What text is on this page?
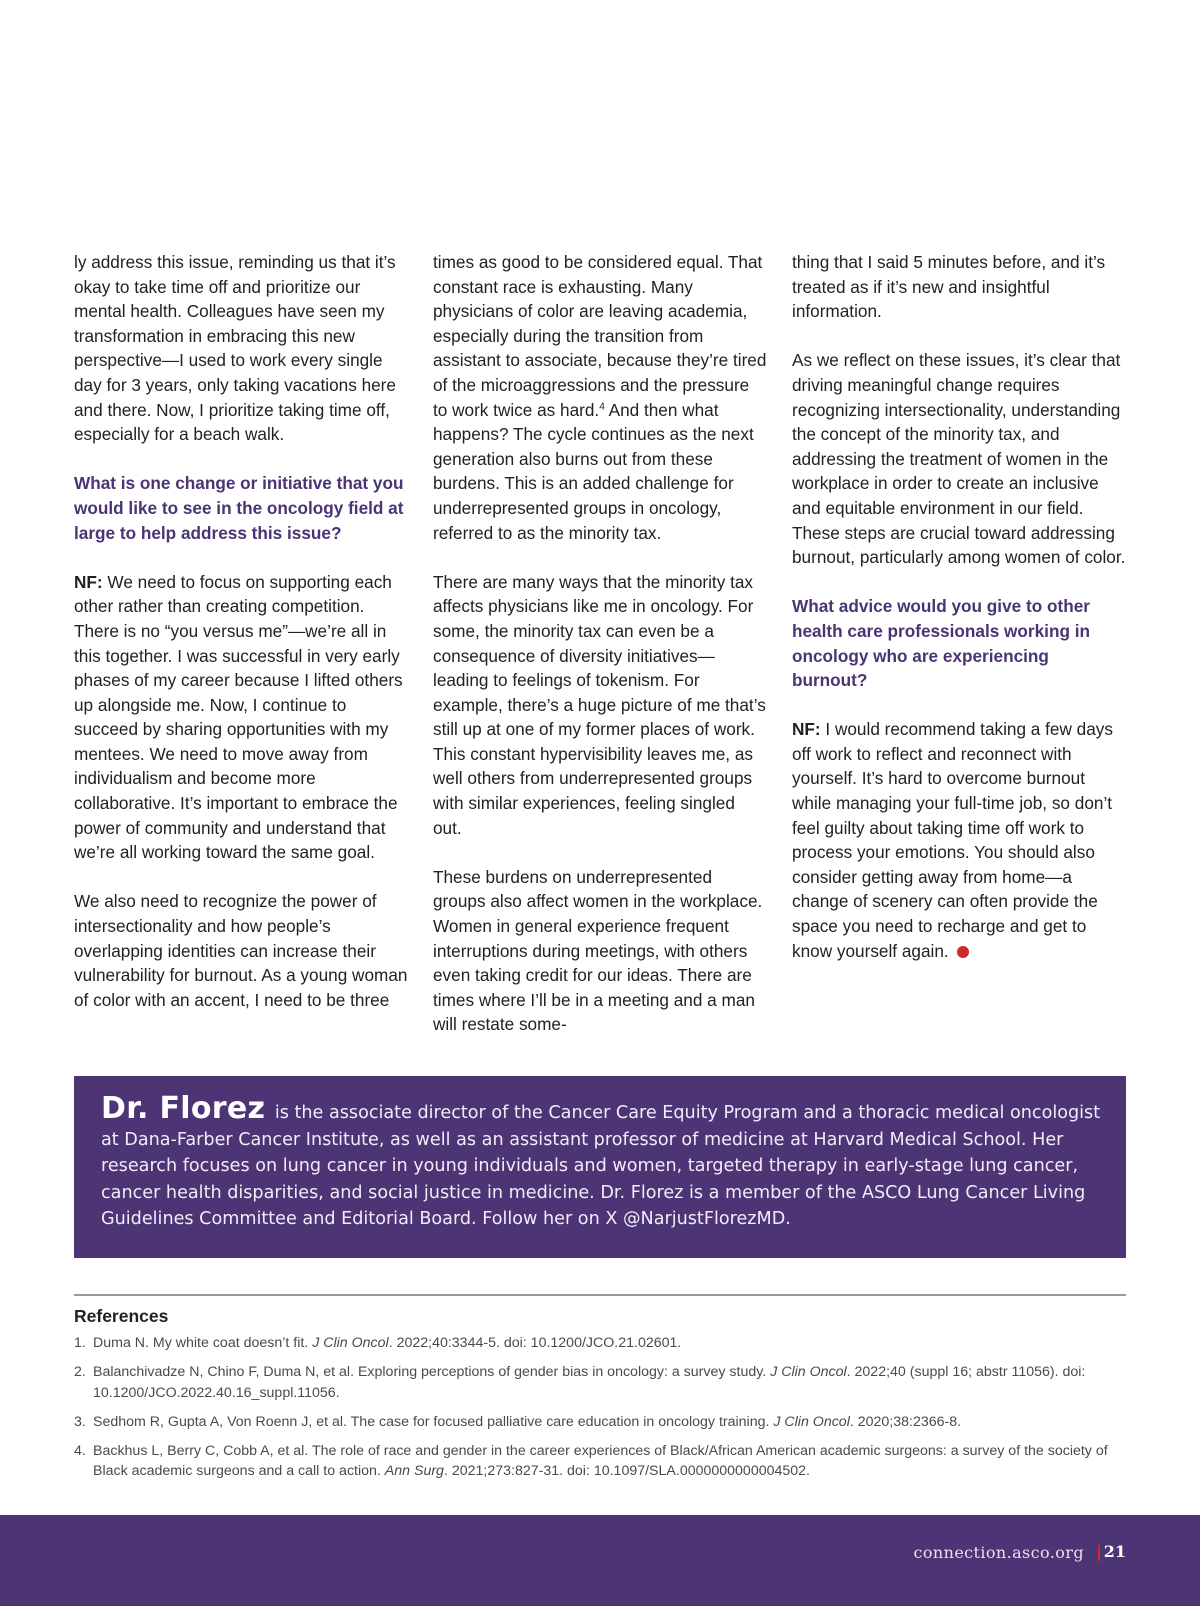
ly address this issue, reminding us that it’s okay to take time off and prioritize our mental health. Colleagues have seen my transformation in embracing this new perspective—I used to work every single day for 3 years, only taking vacations here and there. Now, I prioritize taking time off, especially for a beach walk.

What is one change or initiative that you would like to see in the oncology field at large to help address this issue?

NF: We need to focus on supporting each other rather than creating competition. There is no “you versus me”—we’re all in this together. I was successful in very early phases of my career because I lifted others up alongside me. Now, I continue to succeed by sharing opportunities with my mentees. We need to move away from individualism and become more collaborative. It’s important to embrace the power of community and understand that we’re all working toward the same goal.

We also need to recognize the power of intersectionality and how people’s overlapping identities can increase their vulnerability for burnout. As a young woman of color with an accent, I need to be three

times as good to be considered equal. That constant race is exhausting. Many physicians of color are leaving academia, especially during the transition from assistant to associate, because they’re tired of the microaggressions and the pressure to work twice as hard.$^4$ And then what happens? The cycle continues as the next generation also burns out from these burdens. This is an added challenge for underrepresented groups in oncology, referred to as the minority tax.

There are many ways that the minority tax affects physicians like me in oncology. For some, the minority tax can even be a consequence of diversity initiatives—leading to feelings of tokenism. For example, there’s a huge picture of me that’s still up at one of my former places of work. This constant hypervisibility leaves me, as well others from underrepresented groups with similar experiences, feeling singled out.

These burdens on underrepresented groups also affect women in the workplace. Women in general experience frequent interruptions during meetings, with others even taking credit for our ideas. There are times where I’ll be in a meeting and a man will restate some-

thing that I said 5 minutes before, and it’s treated as if it’s new and insightful information.

As we reflect on these issues, it’s clear that driving meaningful change requires recognizing intersectionality, understanding the concept of the minority tax, and addressing the treatment of women in the workplace in order to create an inclusive and equitable environment in our field. These steps are crucial toward addressing burnout, particularly among women of color.

What advice would you give to other health care professionals working in oncology who are experiencing burnout?

NF: I would recommend taking a few days off work to reflect and reconnect with yourself. It’s hard to overcome burnout while managing your full-time job, so don’t feel guilty about taking time off work to process your emotions. You should also consider getting away from home—a change of scenery can often provide the space you need to recharge and get to know yourself again.

Dr. Florez is the associate director of the Cancer Care Equity Program and a thoracic medical oncologist at Dana-Farber Cancer Institute, as well as an assistant professor of medicine at Harvard Medical School. Her research focuses on lung cancer in young individuals and women, targeted therapy in early-stage lung cancer, cancer health disparities, and social justice in medicine. Dr. Florez is a member of the ASCO Lung Cancer Living Guidelines Committee and Editorial Board. Follow her on X @NarjustFlorezMD.
References
1. Duma N. My white coat doesn’t fit. J Clin Oncol. 2022;40:3344-5. doi: 10.1200/JCO.21.02601.
2. Balanchivadze N, Chino F, Duma N, et al. Exploring perceptions of gender bias in oncology: a survey study. J Clin Oncol. 2022;40 (suppl 16; abstr 11056). doi: 10.1200/JCO.2022.40.16_suppl.11056.
3. Sedhom R, Gupta A, Von Roenn J, et al. The case for focused palliative care education in oncology training. J Clin Oncol. 2020;38:2366-8.
4. Backhus L, Berry C, Cobb A, et al. The role of race and gender in the career experiences of Black/African American academic surgeons: a survey of the society of Black academic surgeons and a call to action. Ann Surg. 2021;273:827-31. doi: 10.1097/SLA.0000000000004502.
connection.asco.org 21
